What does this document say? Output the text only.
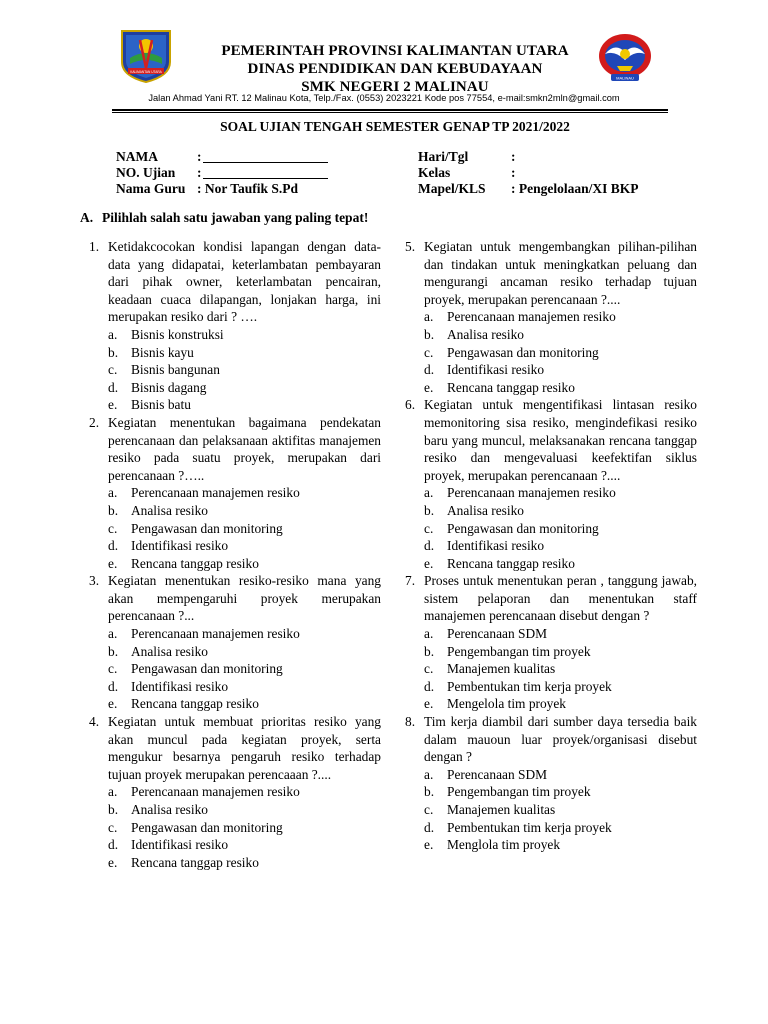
KALIMANTAN UTARA
MALINAU
PEMERINTAH PROVINSI KALIMANTAN UTARA
DINAS PENDIDIKAN DAN KEBUDAYAAN
SMK NEGERI 2 MALINAU
Jalan Ahmad Yani RT. 12 Malinau Kota, Telp./Fax. (0553) 2023221 Kode pos 77554, e-mail:smkn2mln@gmail.com
SOAL UJIAN TENGAH SEMESTER GENAP TP 2021/2022
NAMA	:	Hari/Tgl	:
NO. Ujian :	Kelas	:
Nama Guru : Nor Taufik S.Pd	Mapel/KLS : Pengelolaan/XI BKP
A. Pilihlah salah satu jawaban yang paling tepat!
1. Ketidakcocokan kondisi lapangan dengan data-data yang didapatai, keterlambatan pembayaran dari pihak owner, keterlambatan pencairan, keadaan cuaca dilapangan, lonjakan harga, ini merupakan resiko dari ? ….
a. Bisnis konstruksi
b. Bisnis kayu
c. Bisnis bangunan
d. Bisnis dagang
e. Bisnis batu
2. Kegiatan menentukan bagaimana pendekatan perencanaan dan pelaksanaan aktifitas manajemen resiko pada suatu proyek, merupakan dari perencanaan ?…..
a. Perencanaan manajemen resiko
b. Analisa resiko
c. Pengawasan dan monitoring
d. Identifikasi resiko
e. Rencana tanggap resiko
3. Kegiatan menentukan resiko-resiko mana yang akan mempengaruhi proyek merupakan perencanaan ?...
a. Perencanaan manajemen resiko
b. Analisa resiko
c. Pengawasan dan monitoring
d. Identifikasi resiko
e. Rencana tanggap resiko
4. Kegiatan untuk membuat prioritas resiko yang akan muncul pada kegiatan proyek, serta mengukur besarnya pengaruh resiko terhadap tujuan proyek merupakan perencaaan ?....
a. Perencanaan manajemen resiko
b. Analisa resiko
c. Pengawasan dan monitoring
d. Identifikasi resiko
e. Rencana tanggap resiko
5. Kegiatan untuk mengembangkan pilihan-pilihan dan tindakan untuk meningkatkan peluang dan mengurangi ancaman resiko terhadap tujuan proyek, merupakan perencanaan ?....
a. Perencanaan manajemen resiko
b. Analisa resiko
c. Pengawasan dan monitoring
d. Identifikasi resiko
e. Rencana tanggap resiko
6. Kegiatan untuk mengentifikasi lintasan resiko memonitoring sisa resiko, mengindefikasi resiko baru yang muncul, melaksanakan rencana tanggap resiko dan mengevaluasi keefektifan siklus proyek, merupakan perencanaan ?....
a. Perencanaan manajemen resiko
b. Analisa resiko
c. Pengawasan dan monitoring
d. Identifikasi resiko
e. Rencana tanggap resiko
7. Proses untuk menentukan peran , tanggung jawab, sistem pelaporan dan menentukan staff manajemen perencanaan disebut dengan ?
a. Perencanaan SDM
b. Pengembangan tim proyek
c. Manajemen kualitas
d. Pembentukan tim kerja proyek
e. Mengelola tim proyek
8. Tim kerja diambil dari sumber daya tersedia baik dalam mauoun luar proyek/organisasi disebut dengan ?
a. Perencanaan SDM
b. Pengembangan tim proyek
c. Manajemen kualitas
d. Pembentukan tim kerja proyek
e. Menglola tim proyek
